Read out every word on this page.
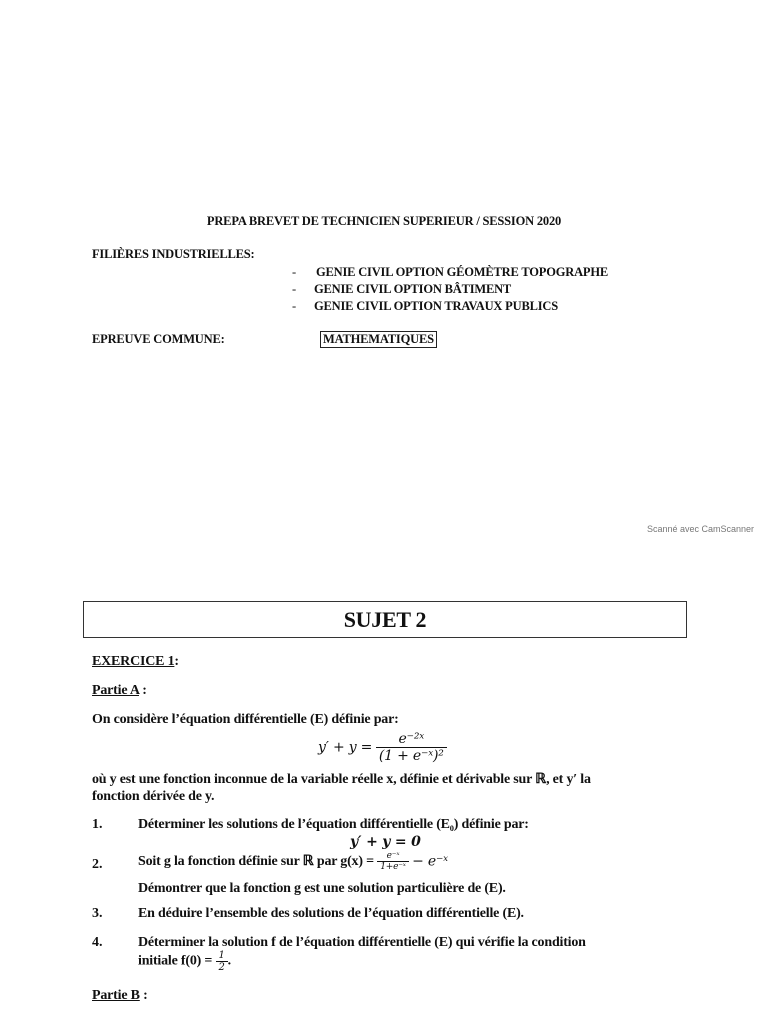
PREPA BREVET DE TECHNICIEN SUPERIEUR / SESSION 2020
FILIÈRES INDUSTRIELLES:
- GENIE CIVIL OPTION GÉOMÈTRE TOPOGRAPHE
- GENIE CIVIL OPTION BÂTIMENT
- GENIE CIVIL OPTION TRAVAUX PUBLICS
EPREUVE COMMUNE:	MATHEMATIQUES
Scanné avec CamScanner
SUJET 2
EXERCICE 1:
Partie A :
On considère l’équation différentielle (E) définie par:
$y' + y = \frac{\text{e⁻²ˣ}}{\text{(1 + e⁻ˣ)²}}$
où y est une fonction inconnue de la variable réelle x, définie et dérivable sur ℝ, et y′ la
fonction dérivée de y.
1.	Déterminer les solutions de l’équation différentielle (E₀) définie par:
y′ + y = 0
2.	Soit g la fonction définie sur ℝ par $g(x) = \frac{\text{e⁻ˣ}}{\text{1+e⁻ˣ}}$ − e⁻ˣ
Démontrer que la fonction g est une solution particulière de (E).
3.	En déduire l’ensemble des solutions de l’équation différentielle (E).
4.	Déterminer la solution f de l’équation différentielle (E) qui vérifie la condition
initiale $f(0) = \frac{1}{2}$ .
Partie B :
